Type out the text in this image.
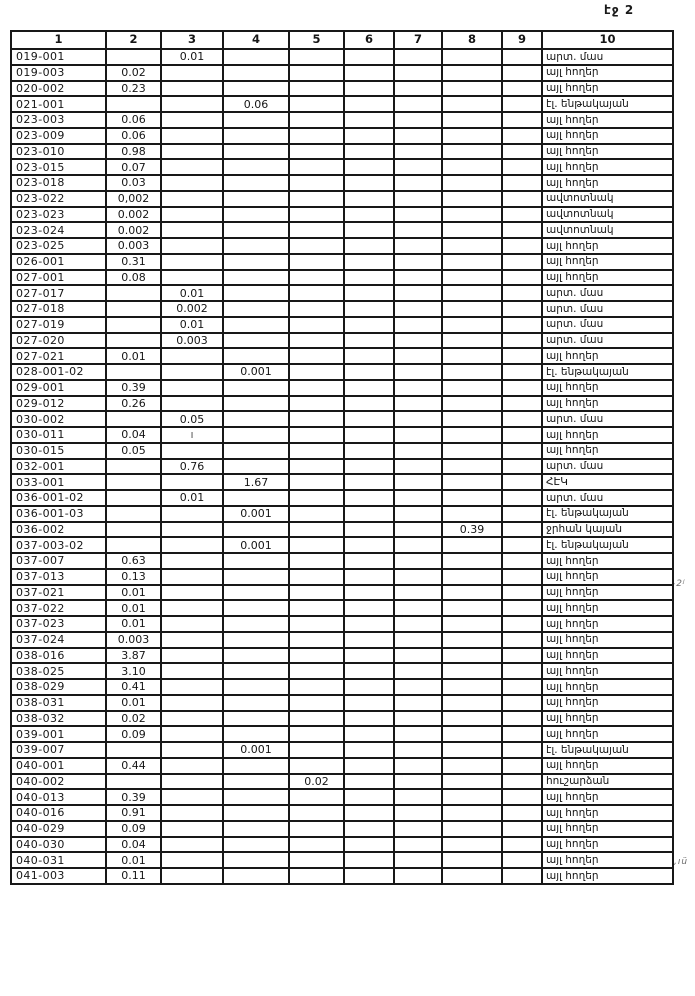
էջ 2
-2ʲ
,ıü
1	2	3	4	5	6	7	8	9	10
019-001		0.01							արտ. մաս
019-003	0.02								այլ հողեր
020-002	0.23								այլ հողեր
021-001			0.06						էլ. ենթակայան
023-003	0.06								այլ հողեր
023-009	0.06								այլ հողեր
023-010	0.98								այլ հողեր
023-015	0.07								այլ հողեր
023-018	0.03								այլ հողեր
023-022	0,002								ավտոտնակ
023-023	0.002								ավտոտնակ
023-024	0.002								ավտոտնակ
023-025	0.003								այլ հողեր
026-001	0.31								այլ հողեր
027-001	0.08								այլ հողեր
027-017		0.01							արտ. մաս
027-018		0.002							արտ. մաս
027-019		0.01							արտ. մաս
027-020		0.003							արտ. մաս
027-021	0.01								այլ հողեր
028-001-02			0.001						էլ. ենթակայան
029-001	0.39								այլ հողեր
029-012	0.26								այլ հողեր
030-002		0.05							արտ. մաս
030-011	0.04	ı							այլ հողեր
030-015	0.05								այլ հողեր
032-001		0.76							արտ. մաս
033-001			1.67						ՀԷԿ
036-001-02		0.01							արտ. մաս
036-001-03			0.001						էլ. ենթակայան
036-002							0.39		ջրհան կայան
037-003-02			0.001						էլ. ենթակայան
037-007	0.63								այլ հողեր
037-013	0.13								այլ հողեր
037-021	0.01								այլ հողեր
037-022	0.01								այլ հողեր
037-023	0.01								այլ հողեր
037-024	0.003								այլ հողեր
038-016	3.87								այլ հողեր
038-025	3.10								այլ հողեր
038-029	0.41								այլ հողեր
038-031	0.01								այլ հողեր
038-032	0.02								այլ հողեր
039-001	0.09								այլ հողեր
039-007			0.001						էլ. ենթակայան
040-001	0.44								այլ հողեր
040-002				0.02					հուշարձան
040-013	0.39								այլ հողեր
040-016	0.91								այլ հողեր
040-029	0.09								այլ հողեր
040-030	0.04								այլ հողեր
040-031	0.01								այլ հողեր
041-003	0.11								այլ հողեր
